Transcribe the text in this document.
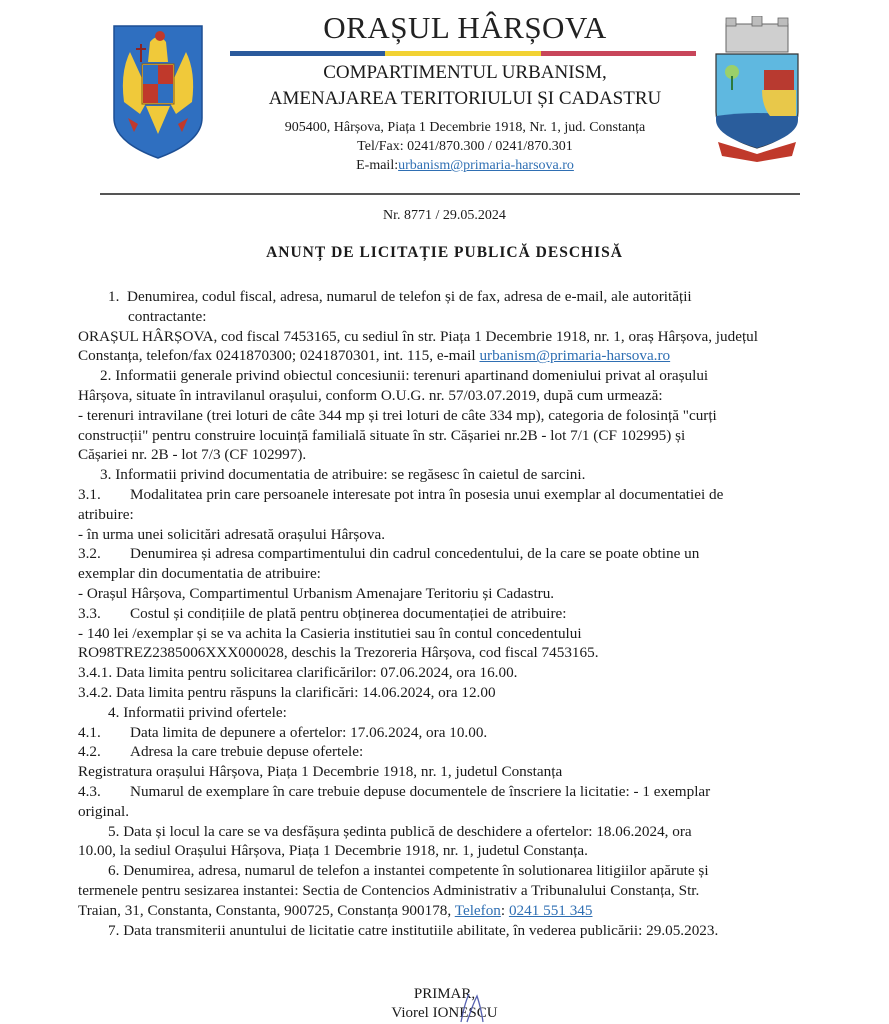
ORAȘUL HÂRȘOVA
COMPARTIMENTUL URBANISM,
AMENAJAREA TERITORIULUI ȘI CADASTRU
905400, Hârșova, Piața 1 Decembrie 1918, Nr. 1, jud. Constanța
Tel/Fax: 0241/870.300 / 0241/870.301
E-mail:urbanism@primaria-harsova.ro
Nr. 8771 / 29.05.2024
ANUNȚ DE LICITAȚIE PUBLICĂ DESCHISĂ

1. Denumirea, codul fiscal, adresa, numarul de telefon și de fax, adresa de e-mail, ale autorității

contractante:

ORAȘUL HÂRȘOVA, cod fiscal 7453165, cu sediul în str. Piața 1 Decembrie 1918, nr. 1, oraș Hârșova, județul

Constanța, telefon/fax 0241870300; 0241870301, int. 115, e-mail urbanism@primaria-harsova.ro

2. Informatii generale privind obiectul concesiunii: terenuri apartinand domeniului privat al orașului

Hârșova, situate în intravilanul orașului, conform O.U.G. nr. 57/03.07.2019, după cum urmează:

- terenuri intravilane (trei loturi de câte 344 mp și trei loturi de câte 334 mp), categoria de folosință "curți

construcții" pentru construire locuință familială situate în str. Cășariei nr.2B - lot 7/1 (CF 102995) și

Cășariei nr. 2B - lot 7/3 (CF 102997).

3. Informatii privind documentatia de atribuire: se regăsesc în caietul de sarcini.

3.1. Modalitatea prin care persoanele interesate pot intra în posesia unui exemplar al documentatiei de

atribuire:

- în urma unei solicitări adresată orașului Hârșova.

3.2. Denumirea și adresa compartimentului din cadrul concedentului, de la care se poate obtine un

exemplar din documentatia de atribuire:

- Orașul Hârșova, Compartimentul Urbanism Amenajare Teritoriu și Cadastru.

3.3. Costul și condițiile de plată pentru obținerea documentației de atribuire:

- 140 lei /exemplar și se va achita la Casieria institutiei sau în contul concedentului

RO98TREZ2385006XXX000028, deschis la Trezoreria Hârșova, cod fiscal 7453165.

3.4.1. Data limita pentru solicitarea clarificărilor: 07.06.2024, ora 16.00.

3.4.2. Data limita pentru răspuns la clarificări: 14.06.2024, ora 12.00

4. Informatii privind ofertele:

4.1. Data limita de depunere a ofertelor: 17.06.2024, ora 10.00.

4.2. Adresa la care trebuie depuse ofertele:

Registratura orașului Hârșova, Piața 1 Decembrie 1918, nr. 1, judetul Constanța

4.3. Numarul de exemplare în care trebuie depuse documentele de înscriere la licitatie: - 1 exemplar

original.

5. Data și locul la care se va desfășura ședinta publică de deschidere a ofertelor: 18.06.2024, ora

10.00, la sediul Orașului Hârșova, Piața 1 Decembrie 1918, nr. 1, judetul Constanța.

6. Denumirea, adresa, numarul de telefon a instantei competente în solutionarea litigiilor apărute și

termenele pentru sesizarea instantei: Sectia de Contencios Administrativ a Tribunalului Constanța, Str.

Traian, 31, Constanta, Constanta, 900725, Constanța 900178, Telefon: 0241 551 345

7. Data transmiterii anuntului de licitatie catre institutiile abilitate, în vederea publicării: 29.05.2023.

PRIMAR,
Viorel IONESCU
